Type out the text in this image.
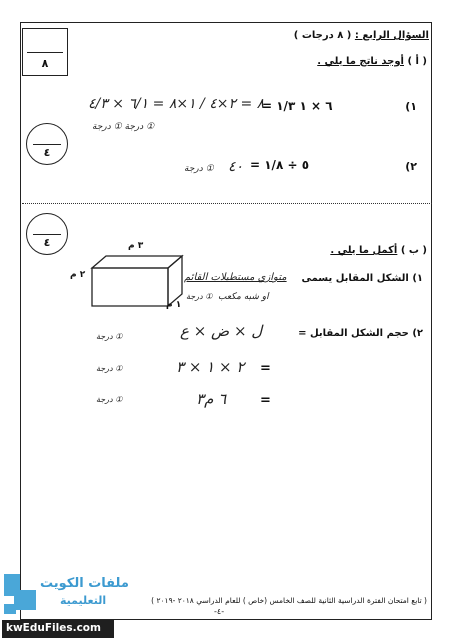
السؤال الرابع : ( ٨ درجات )
٨	( أ ) أوجد ناتج ما يلي .
٤
١)
٦ × ١ ١/٣ =
٨ = ٢×٤ / ١×٨ = ٦/١ × ٤/٣
① درجة ① درجة
٢)
٥ ÷ ١/٨ =
٤٠
① درجة
٤
( ب ) أكمل ما يلي .
٣ م
٢ م
١ م
١) الشكل المقابل يسمى
متوازي مستطيلات القائم
او شبه مكعب
① درجة
٢) حجم الشكل المقابل =
ل × ض × ع
① درجة
=
٢ × ١ × ٣
① درجة
=
٦ م٣
① درجة
( تابع امتحان الفترة الدراسية الثانية للصف الخامس (خاص ) للعام الدراسي ٢٠١٨ -٢٠١٩ )
-٤-
ملفات الكويت
التعليمية
kwEduFiles.com
